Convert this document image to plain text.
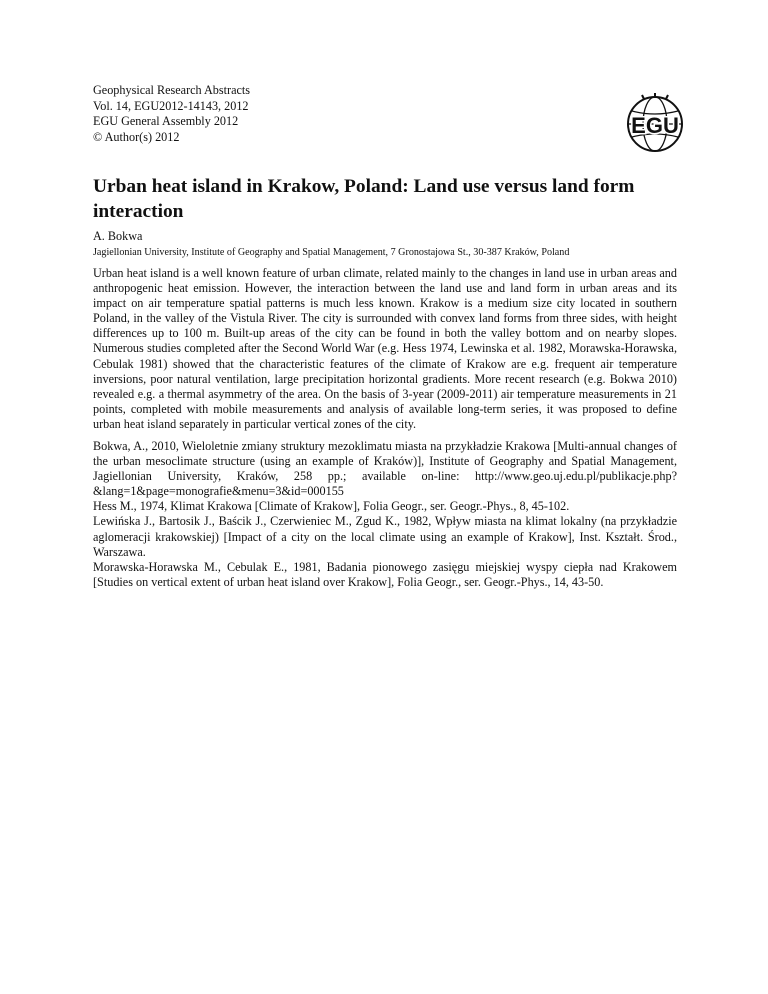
Geophysical Research Abstracts
Vol. 14, EGU2012-14143, 2012
EGU General Assembly 2012
© Author(s) 2012	EGU
Urban heat island in Krakow, Poland: Land use versus land form interaction
A. Bokwa
Jagiellonian University, Institute of Geography and Spatial Management, 7 Gronostajowa St., 30-387 Kraków, Poland

Urban heat island is a well known feature of urban climate, related mainly to the changes in land use in urban areas and anthropogenic heat emission. However, the interaction between the land use and land form in urban areas and its impact on air temperature spatial patterns is much less known. Krakow is a medium size city located in southern Poland, in the valley of the Vistula River. The city is surrounded with convex land forms from three sides, with height differences up to 100 m. Built-up areas of the city can be found in both the valley bottom and on nearby slopes. Numerous studies completed after the Second World War (e.g. Hess 1974, Lewinska et al. 1982, Morawska-Horawska, Cebulak 1981) showed that the characteristic features of the climate of Krakow are e.g. frequent air temperature inversions, poor natural ventilation, large precipitation horizontal gradients. More recent research (e.g. Bokwa 2010) revealed e.g. a thermal asymmetry of the area. On the basis of 3-year (2009-2011) air temperature measurements in 21 points, completed with mobile measurements and analysis of available long-term series, it was proposed to define urban heat island separately in particular vertical zones of the city.

Bokwa, A., 2010, Wieloletnie zmiany struktury mezoklimatu miasta na przykładzie Krakowa [Multi-annual changes of the urban mesoclimate structure (using an example of Kraków)], Institute of Geography and Spatial Management, Jagiellonian University, Kraków, 258 pp.; available on-line: http://www.geo.uj.edu.pl/publikacje.php?&lang=1&page=monografie&menu=3&id=000155

Hess M., 1974, Klimat Krakowa [Climate of Krakow], Folia Geogr., ser. Geogr.-Phys., 8, 45-102.

Lewińska J., Bartosik J., Baścik J., Czerwieniec M., Zgud K., 1982, Wpływ miasta na klimat lokalny (na przykładzie aglomeracji krakowskiej) [Impact of a city on the local climate using an example of Krakow], Inst. Kształt. Środ., Warszawa.

Morawska-Horawska M., Cebulak E., 1981, Badania pionowego zasięgu miejskiej wyspy ciepła nad Krakowem [Studies on vertical extent of urban heat island over Krakow], Folia Geogr., ser. Geogr.-Phys., 14, 43-50.
